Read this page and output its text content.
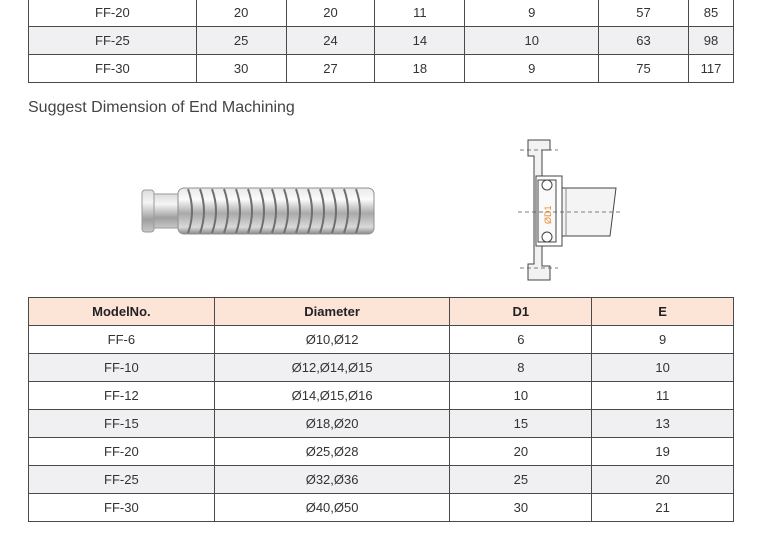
FF-20	20	20	11	9	57	85
FF-25	25	24	14	10	63	98
FF-30	30	27	18	9	75	117
Suggest Dimension of End Machining
ØD1
ModelNo.	Diameter	D1	E
FF-6	Ø10,Ø12	6	9
FF-10	Ø12,Ø14,Ø15	8	10
FF-12	Ø14,Ø15,Ø16	10	11
FF-15	Ø18,Ø20	15	13
FF-20	Ø25,Ø28	20	19
FF-25	Ø32,Ø36	25	20
FF-30	Ø40,Ø50	30	21
